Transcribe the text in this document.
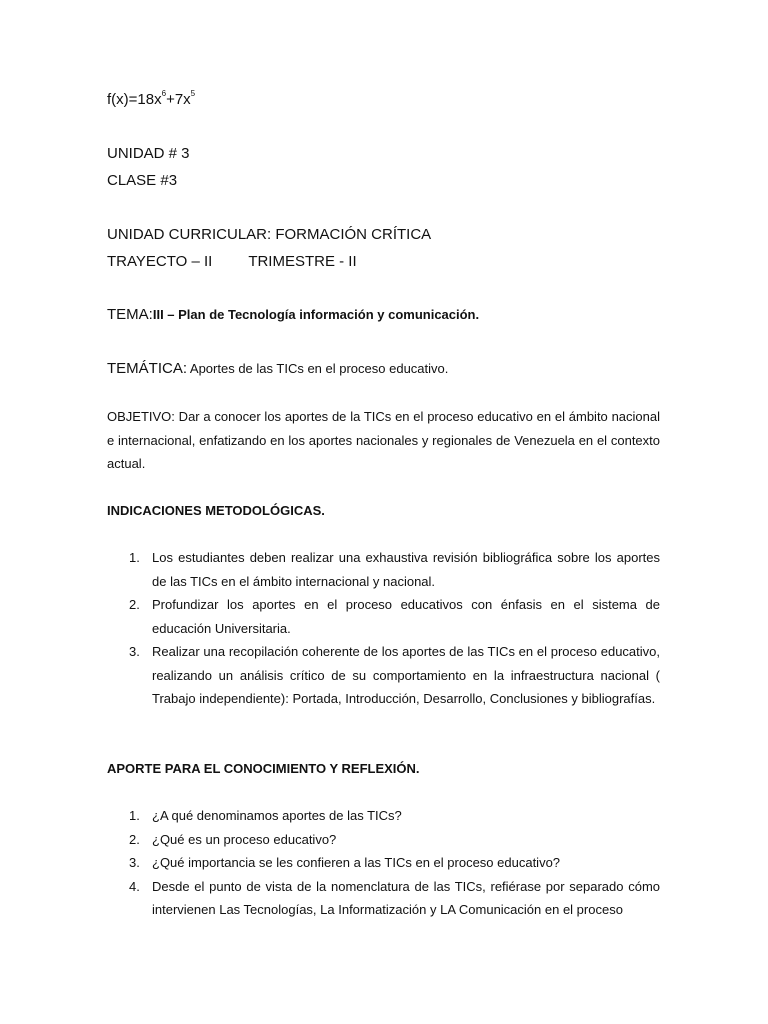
$f(x)=18x^6+7x^5$
UNIDAD # 3
CLASE #3
UNIDAD CURRICULAR: FORMACIÓN CRÍTICA
TRAYECTO – II TRIMESTRE - II
TEMA:III – Plan de Tecnología información y comunicación.
TEMÁTICA: Aportes de las TICs en el proceso educativo.
OBJETIVO: Dar a conocer los aportes de la TICs en el proceso educativo en el ámbito nacional e internacional, enfatizando en los aportes nacionales y regionales de Venezuela en el contexto actual.
INDICACIONES METODOLÓGICAS.
1. Los estudiantes deben realizar una exhaustiva revisión bibliográfica sobre los aportes de las TICs en el ámbito internacional y nacional.
2. Profundizar los aportes en el proceso educativos con énfasis en el sistema de educación Universitaria.
3. Realizar una recopilación coherente de los aportes de las TICs en el proceso educativo, realizando un análisis crítico de su comportamiento en la infraestructura nacional ( Trabajo independiente): Portada, Introducción, Desarrollo, Conclusiones y bibliografías.
APORTE PARA EL CONOCIMIENTO Y REFLEXIÓN.
1. ¿A qué denominamos aportes de las TICs?
2. ¿Qué es un proceso educativo?
3. ¿Qué importancia se les confieren a las TICs en el proceso educativo?
4. Desde el punto de vista de la nomenclatura de las TICs, refiérase por separado cómo intervienen Las Tecnologías, La Informatización y LA Comunicación en el proceso
